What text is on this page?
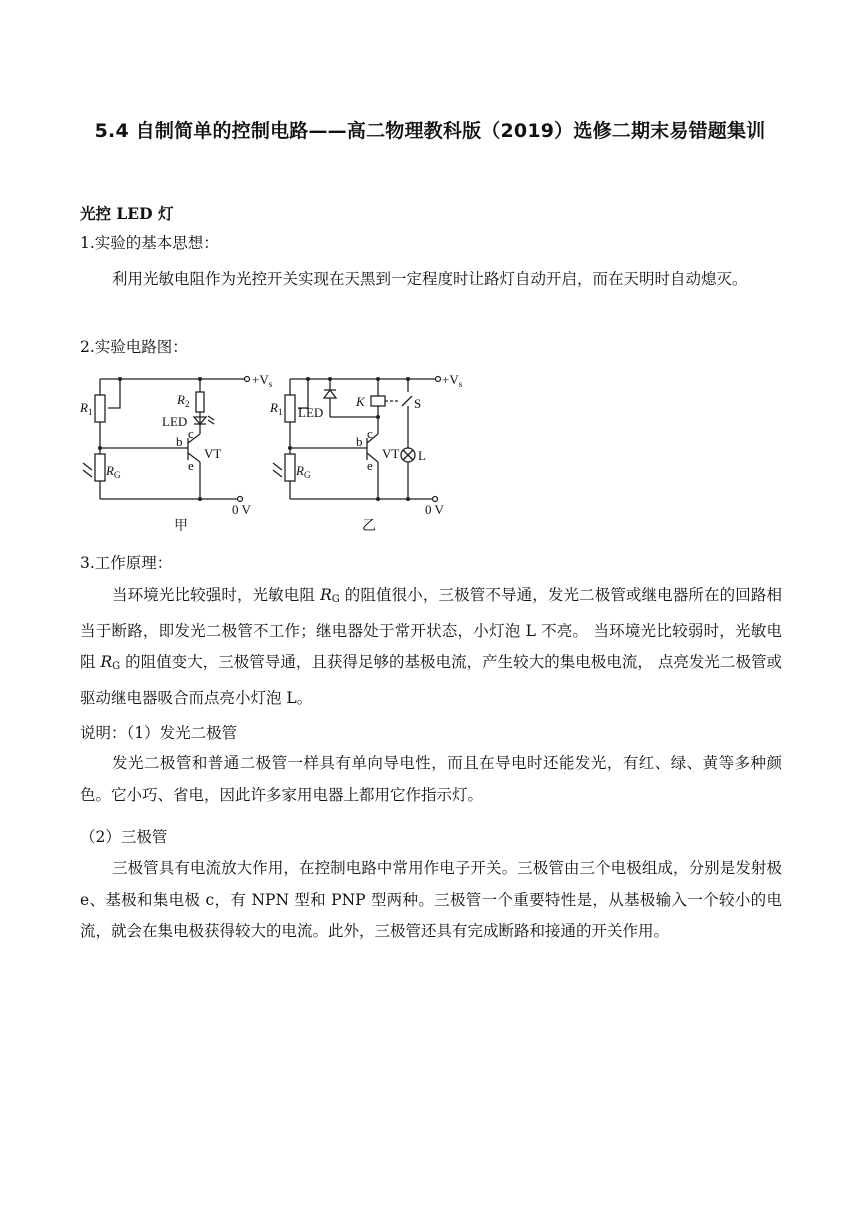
5.4 自制简单的控制电路——高二物理教科版（2019）选修二期末易错题集训
光控 LED 灯
1.实验的基本思想：
利用光敏电阻作为光控开关实现在天黑到一定程度时让路灯自动开启，而在天明时自动熄灭。
2.实验电路图：
$+V_s$
$R_1$
$R_2$
LED
$R_G$
b
c
e
VT
0 V
甲
$+V_s$
$R_1$ LED
K	S
$R_G$
b
c
e
VT L
0 V
乙
3.工作原理：
当环境光比较强时，光敏电阻 $R_G$ 的阻值很小，三极管不导通，发光二极管或继电器所在的回路相当于断路，即发光二极管不工作；继电器处于常开状态，小灯泡 L 不亮。 当环境光比较弱时，光敏电阻 $R_G$ 的阻值变大，三极管导通，且获得足够的基极电流，产生较大的集电极电流， 点亮发光二极管或驱动继电器吸合而点亮小灯泡 L。
说明：（1）发光二极管
发光二极管和普通二极管一样具有单向导电性，而且在导电时还能发光，有红、绿、黄等多种颜色。它小巧、省电，因此许多家用电器上都用它作指示灯。
（2）三极管
三极管具有电流放大作用，在控制电路中常用作电子开关。三极管由三个电极组成，分别是发射极 e、基极和集电极 c，有 NPN 型和 PNP 型两种。三极管一个重要特性是，从基极输入一个较小的电流，就会在集电极获得较大的电流。此外，三极管还具有完成断路和接通的开关作用。
